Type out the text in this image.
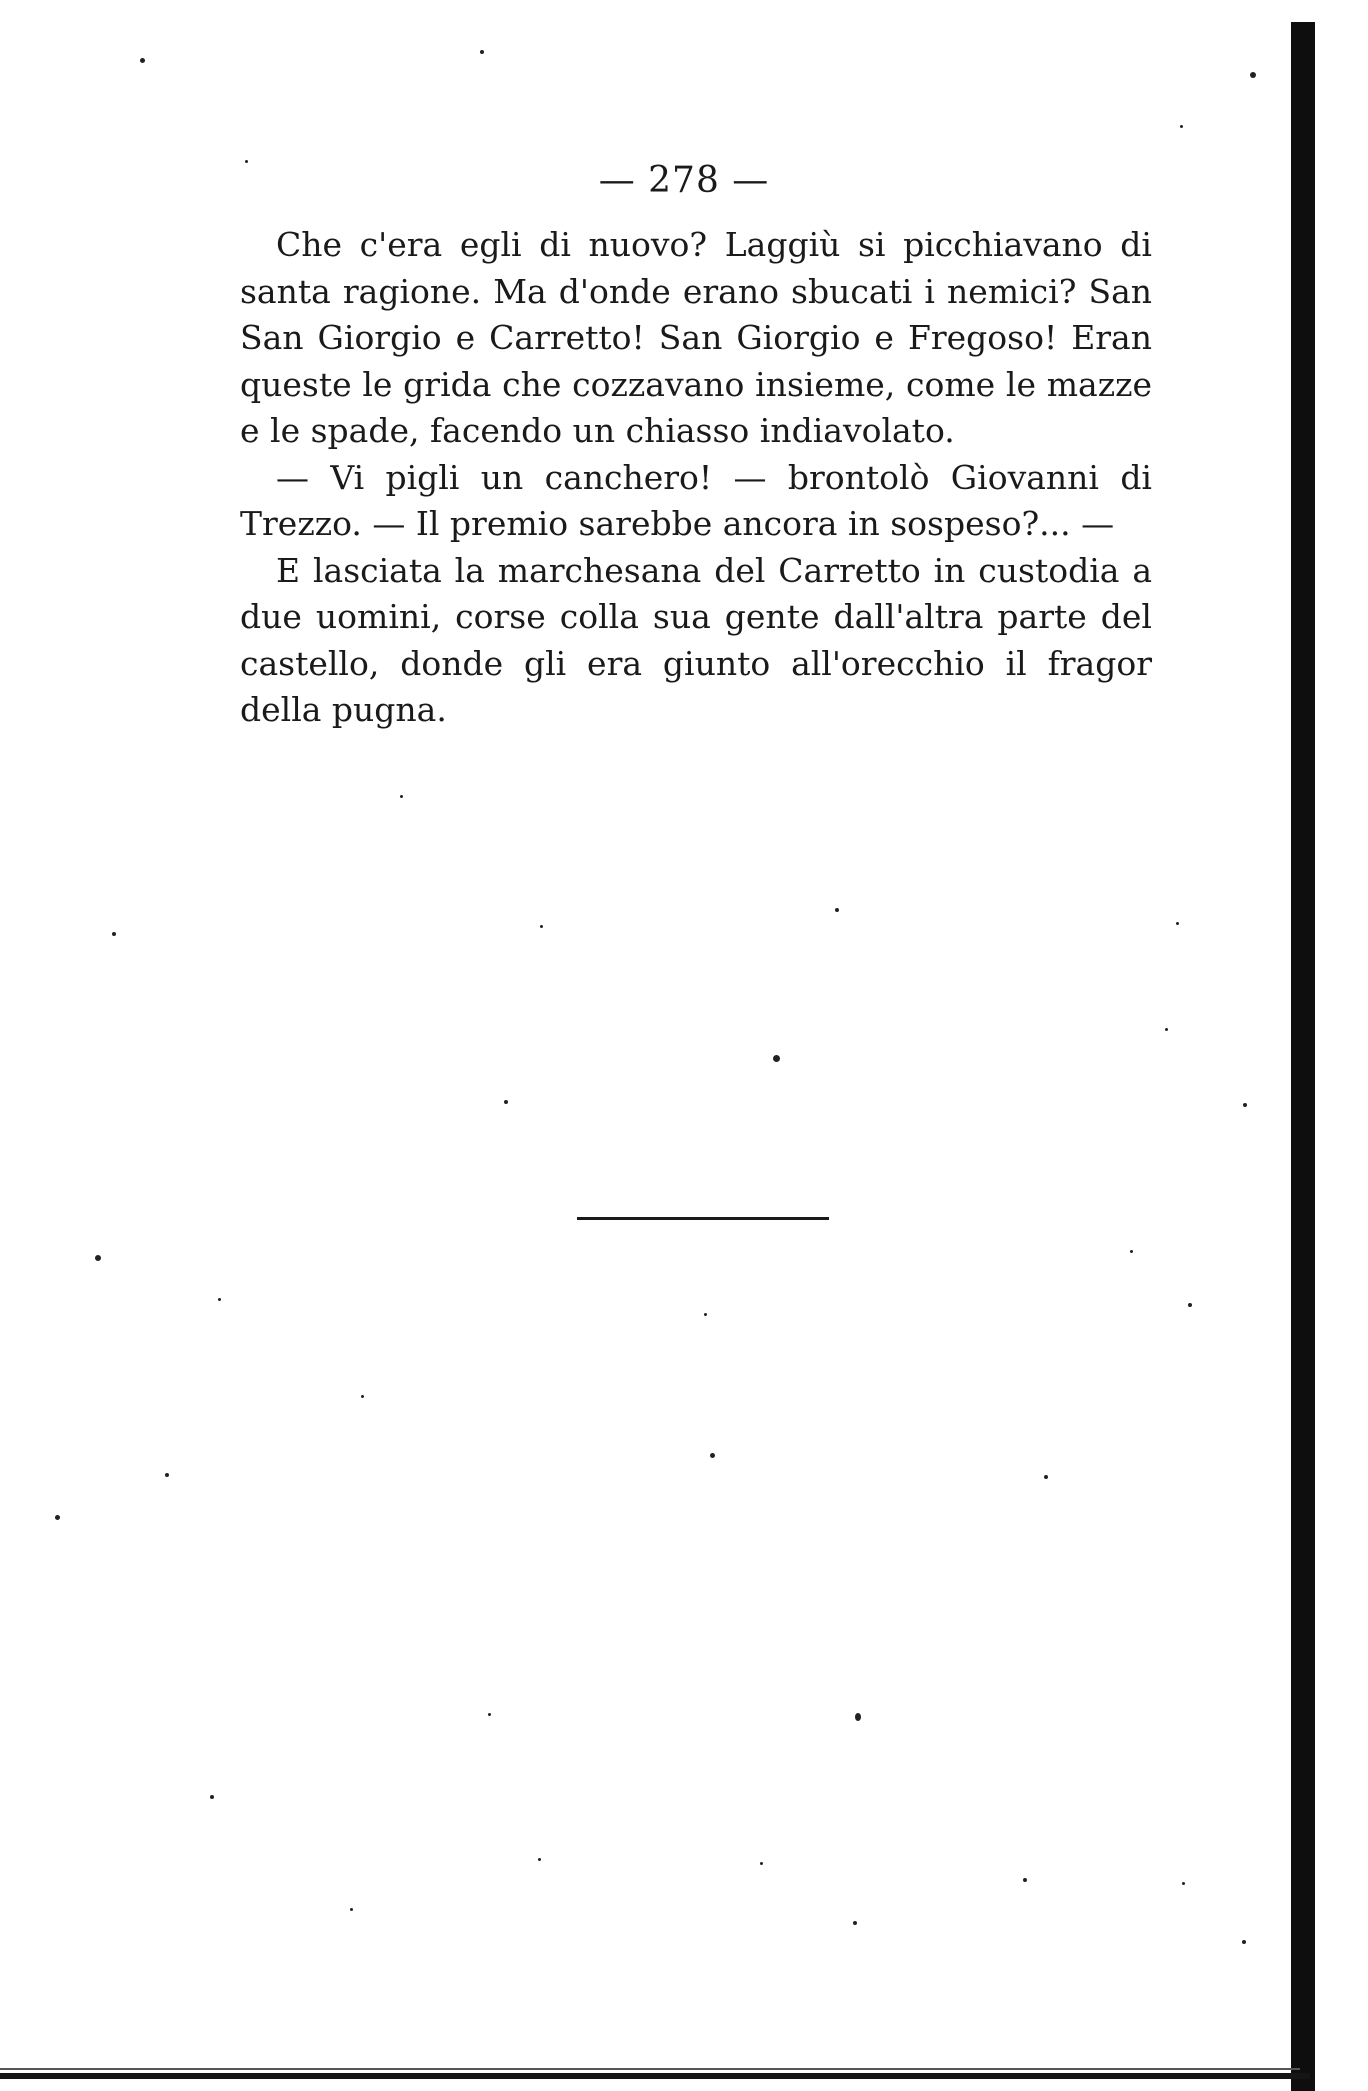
— 278 —

Che c'era egli di nuovo? Laggiù si picchiavano di santa ragione. Ma d'onde erano sbucati i nemici? San San Giorgio e Carretto! San Giorgio e Fregoso! Eran queste le grida che cozzavano insieme, come le mazze e le spade, facendo un chiasso indiavolato.

— Vi pigli un canchero! — brontolò Giovanni di Trezzo. — Il premio sarebbe ancora in sospeso?... —

E lasciata la marchesana del Carretto in custodia a due uomini, corse colla sua gente dall'altra parte del castello, donde gli era giunto all'orecchio il fragor della pugna.
